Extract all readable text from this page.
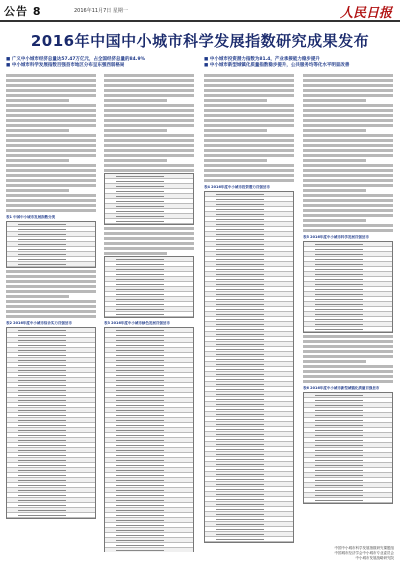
公告 8	2016年11月7日 星期一	人民日报
2016年中国中小城市科学发展指数研究成果发布
■ 广义中小城市经济总量达57.47万亿元，占全国经济总量的84.9%
■ 中小城市科学发展指数百强县市地区分布呈东强西弱格局
■ 中小城市投资潜力指数为81.4，产业承接能力稳步提升
■ 中小城市新型城镇化质量指数稳步提升，公共服务均等化水平明显改善
表1 中国中小城市发展指数分类
表2 2016年度中小城市综合实力百强县市	表3 2016年度中小城市绿色发展百强县市
表4 2016年度中小城市投资潜力百强县市
表5 2016年度中小城市科学发展百强县市
表6 2016年度中小城市新型城镇化质量百强县市
中国中小城市科学发展指数研究课题组
中国城市经济学会中小城市专业委员会
中小城市发展战略研究院
